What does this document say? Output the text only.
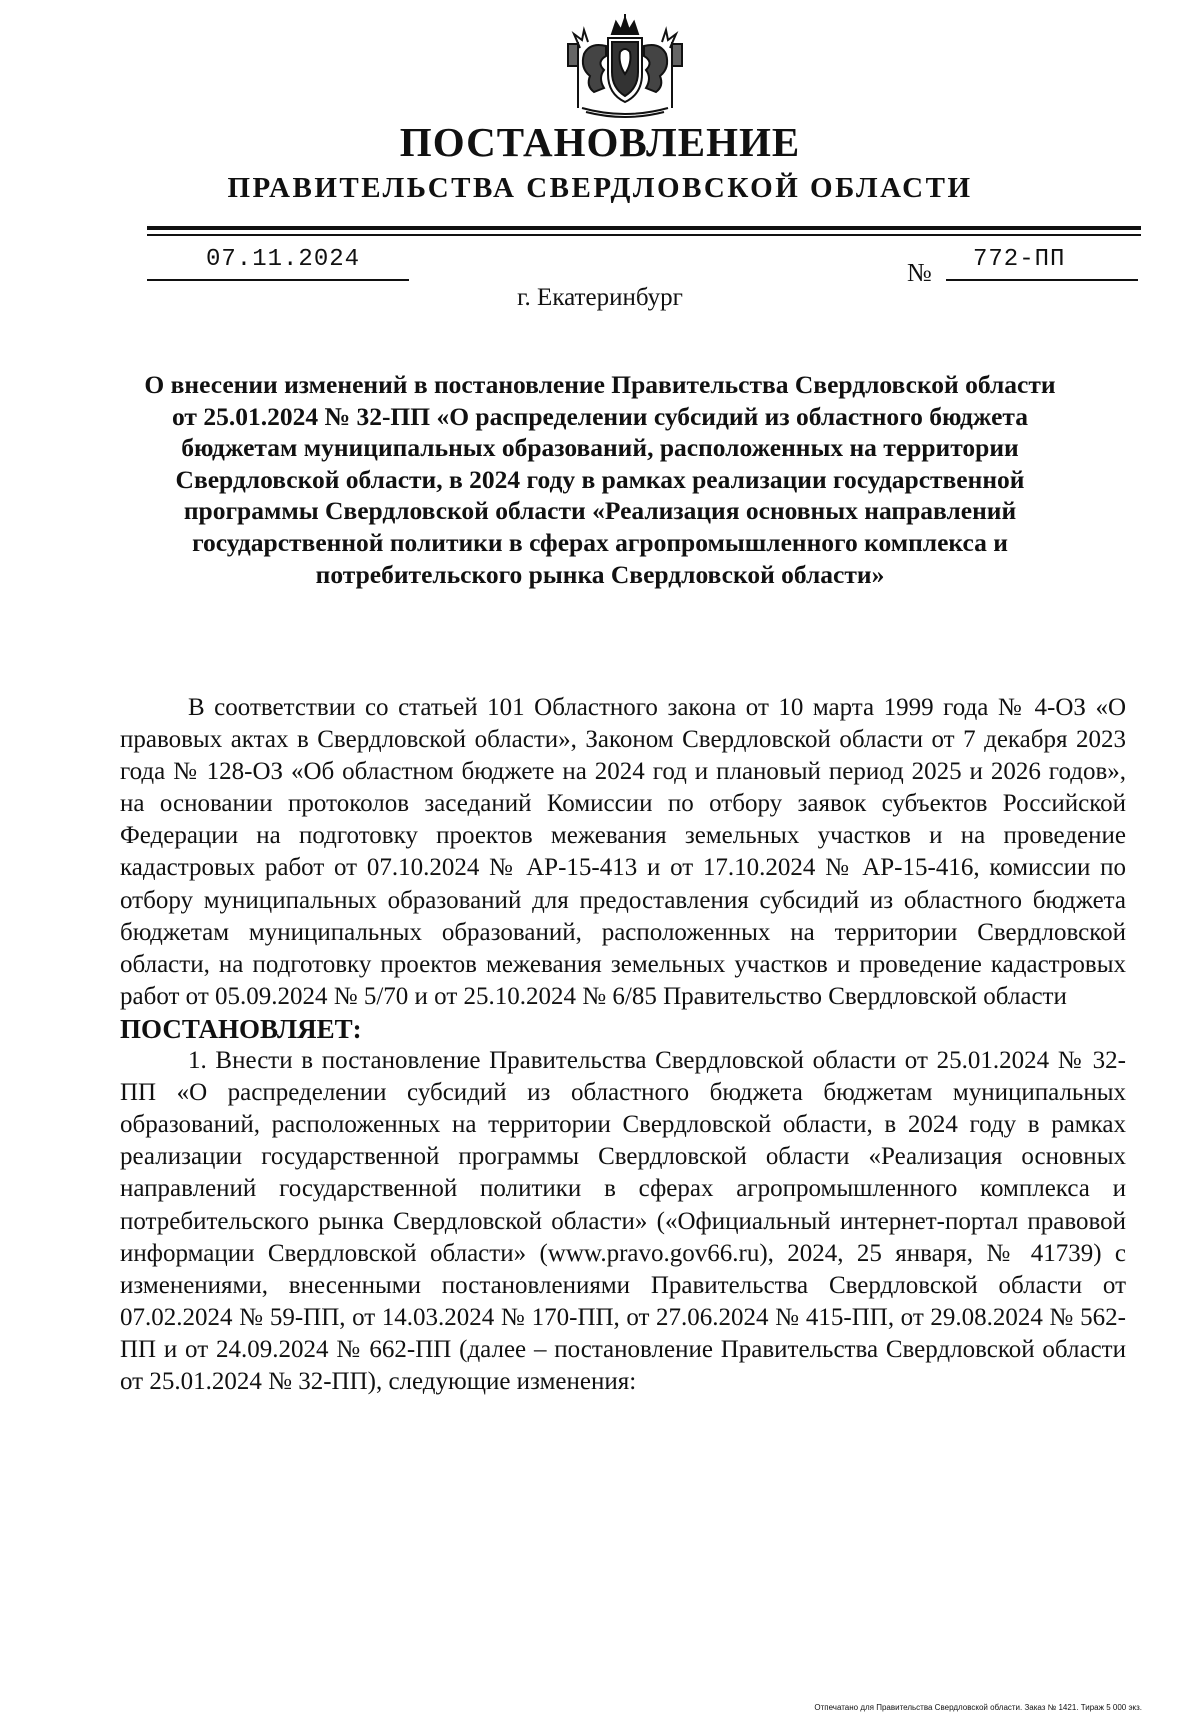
ПОСТАНОВЛЕНИЕ
ПРАВИТЕЛЬСТВА СВЕРДЛОВСКОЙ ОБЛАСТИ
07.11.2024	№ 772-ПП
г. Екатеринбург
О внесении изменений в постановление Правительства Свердловской области от 25.01.2024 № 32-ПП «О распределении субсидий из областного бюджета бюджетам муниципальных образований, расположенных на территории Свердловской области, в 2024 году в рамках реализации государственной программы Свердловской области «Реализация основных направлений государственной политики в сферах агропромышленного комплекса и потребительского рынка Свердловской области»

В соответствии со статьей 101 Областного закона от 10 марта 1999 года № 4-ОЗ «О правовых актах в Свердловской области», Законом Свердловской области от 7 декабря 2023 года № 128-ОЗ «Об областном бюджете на 2024 год и плановый период 2025 и 2026 годов», на основании протоколов заседаний Комиссии по отбору заявок субъектов Российской Федерации на подготовку проектов межевания земельных участков и на проведение кадастровых работ от 07.10.2024 № АР-15-413 и от 17.10.2024 № АР-15-416, комиссии по отбору муниципальных образований для предоставления субсидий из областного бюджета бюджетам муниципальных образований, расположенных на территории Свердловской области, на подготовку проектов межевания земельных участков и проведение кадастровых работ от 05.09.2024 № 5/70 и от 25.10.2024 № 6/85 Правительство Свердловской области

ПОСТАНОВЛЯЕТ:

1. Внести в постановление Правительства Свердловской области от 25.01.2024 № 32-ПП «О распределении субсидий из областного бюджета бюджетам муниципальных образований, расположенных на территории Свердловской области, в 2024 году в рамках реализации государственной программы Свердловской области «Реализация основных направлений государственной политики в сферах агропромышленного комплекса и потребительского рынка Свердловской области» («Официальный интернет-портал правовой информации Свердловской области» (www.pravo.gov66.ru), 2024, 25 января, № 41739) с изменениями, внесенными постановлениями Правительства Свердловской области от 07.02.2024 № 59-ПП, от 14.03.2024 № 170-ПП, от 27.06.2024 № 415-ПП, от 29.08.2024 № 562-ПП и от 24.09.2024 № 662-ПП (далее – постановление Правительства Свердловской области от 25.01.2024 № 32-ПП), следующие изменения:

Отпечатано для Правительства Свердловской области. Заказ № 1421. Тираж 5 000 экз.
